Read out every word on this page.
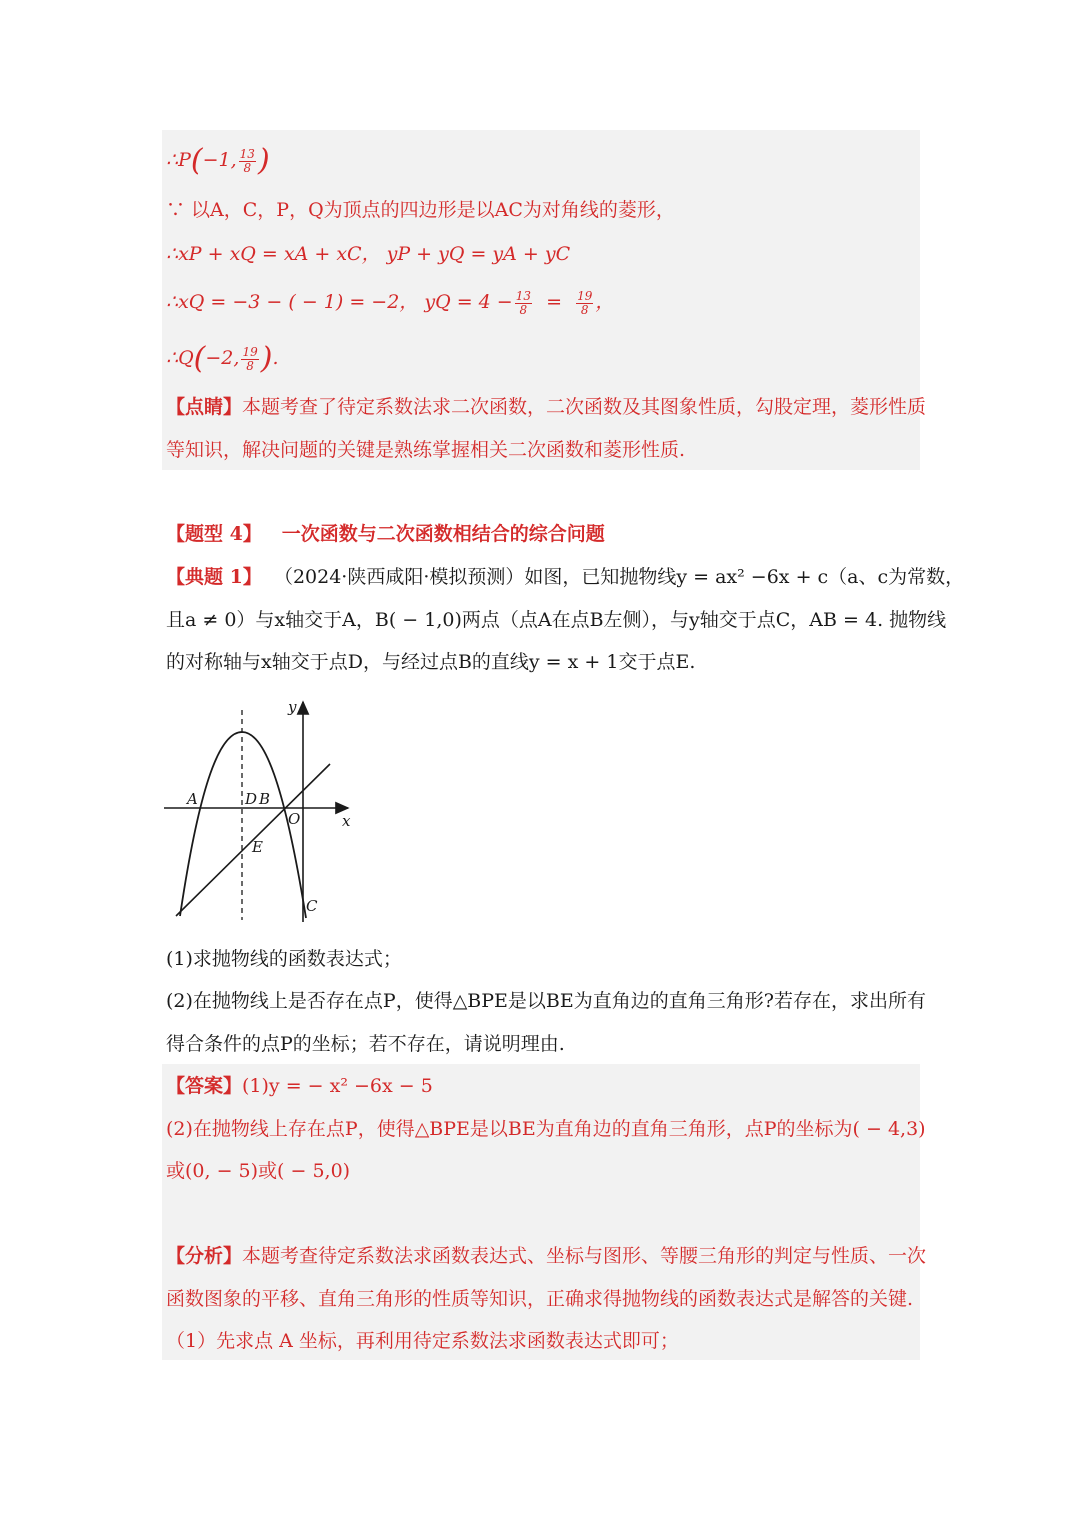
∴P(−1, $\frac{13}{8}$ )
∵ 以A，C，P，Q为顶点的四边形是以AC为对角线的菱形，
∴xP + xQ = xA + xC， yP + yQ = yA + yC
∴xQ = −3 − ( − 1) = −2， yQ = $4 - \frac{13}{8} = \frac{19}{8}$ ，
∴Q(−2, $\frac{19}{8}$ ).
【点睛】本题考查了待定系数法求二次函数，二次函数及其图象性质，勾股定理，菱形性质
等知识，解决问题的关键是熟练掌握相关二次函数和菱形性质.
【题型 4】 一次函数与二次函数相结合的综合问题
【典题 1】 （2024·陕西咸阳·模拟预测）如图，已知抛物线y = ax² −6x + c（a、c为常数，
且a ≠ 0）与x轴交于A，B( − 1,0)两点（点A在点B左侧），与y轴交于点C，AB = 4. 抛物线
的对称轴与x轴交于点D，与经过点B的直线y = x + 1交于点E.
y
x
A	D B
O
E
C
(1)求抛物线的函数表达式；
(2)在抛物线上是否存在点P，使得△BPE是以BE为直角边的直角三角形?若存在，求出所有
得合条件的点P的坐标；若不存在，请说明理由.
【答案】(1)y = − x² −6x − 5
(2)在抛物线上存在点P，使得△BPE是以BE为直角边的直角三角形，点P的坐标为( − 4,3)
或(0, − 5)或( − 5,0)
【分析】本题考查待定系数法求函数表达式、坐标与图形、等腰三角形的判定与性质、一次
函数图象的平移、直角三角形的性质等知识，正确求得抛物线的函数表达式是解答的关键.
（1）先求点 A 坐标，再利用待定系数法求函数表达式即可；
